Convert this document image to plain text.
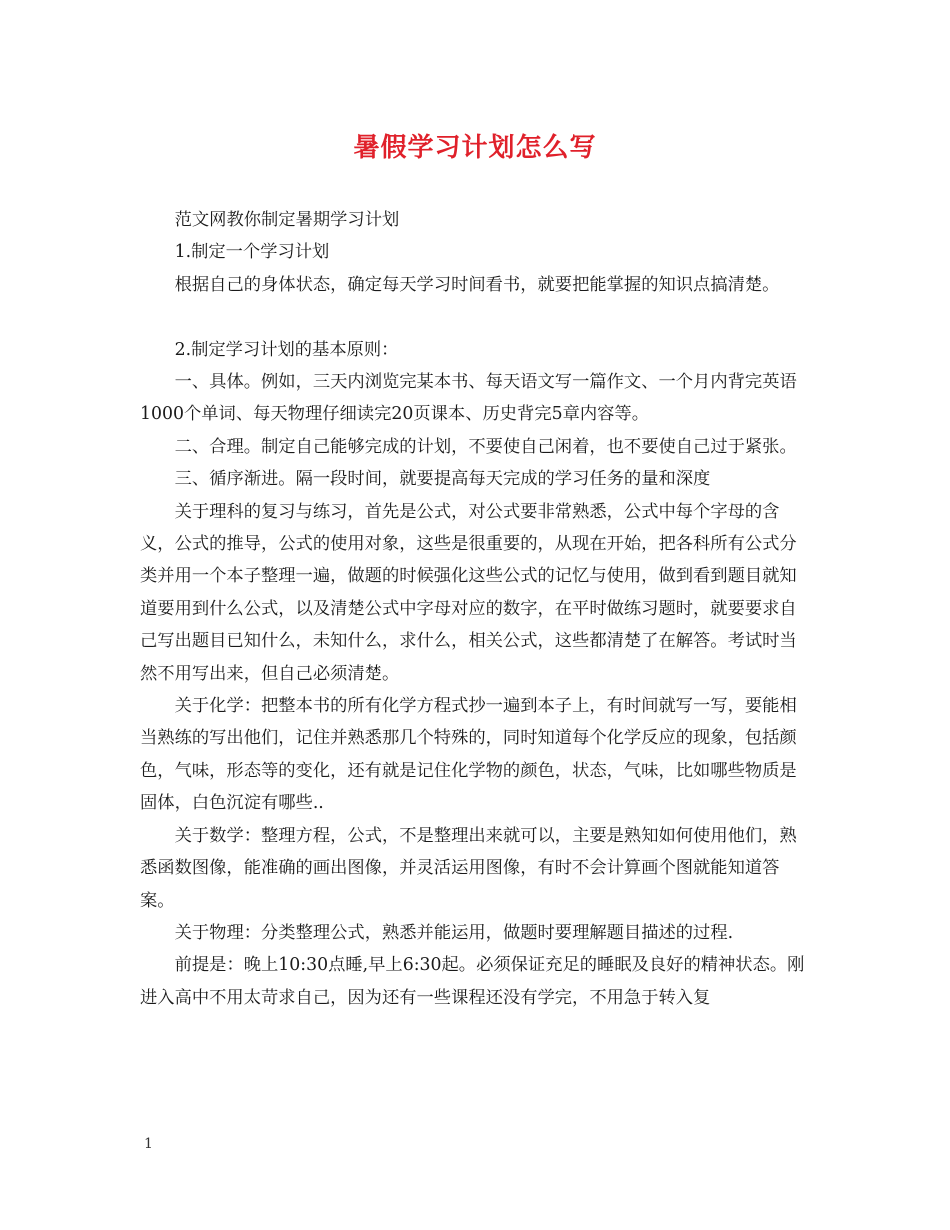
暑假学习计划怎么写

范文网教你制定暑期学习计划

1.制定一个学习计划

根据自己的身体状态，确定每天学习时间看书，就要把能掌握的知识点搞清楚。

2.制定学习计划的基本原则：

一、具体。例如，三天内浏览完某本书、每天语文写一篇作文、一个月内背完英语1000个单词、每天物理仔细读完20页课本、历史背完5章内容等。

二、合理。制定自己能够完成的计划，不要使自己闲着，也不要使自己过于紧张。

三、循序渐进。隔一段时间，就要提高每天完成的学习任务的量和深度

关于理科的复习与练习，首先是公式，对公式要非常熟悉，公式中每个字母的含义，公式的推导，公式的使用对象，这些是很重要的，从现在开始，把各科所有公式分类并用一个本子整理一遍，做题的时候强化这些公式的记忆与使用，做到看到题目就知道要用到什么公式，以及清楚公式中字母对应的数字，在平时做练习题时，就要要求自己写出题目已知什么，未知什么，求什么，相关公式，这些都清楚了在解答。考试时当然不用写出来，但自己必须清楚。

关于化学：把整本书的所有化学方程式抄一遍到本子上，有时间就写一写，要能相当熟练的写出他们，记住并熟悉那几个特殊的，同时知道每个化学反应的现象，包括颜色，气味，形态等的变化，还有就是记住化学物的颜色，状态，气味，比如哪些物质是固体，白色沉淀有哪些..

关于数学：整理方程，公式，不是整理出来就可以，主要是熟知如何使用他们，熟悉函数图像，能准确的画出图像，并灵活运用图像，有时不会计算画个图就能知道答案。

关于物理：分类整理公式，熟悉并能运用，做题时要理解题目描述的过程.

前提是：晚上10:30点睡,早上6:30起。必须保证充足的睡眠及良好的精神状态。刚进入高中不用太苛求自己，因为还有一些课程还没有学完，不用急于转入复

1
